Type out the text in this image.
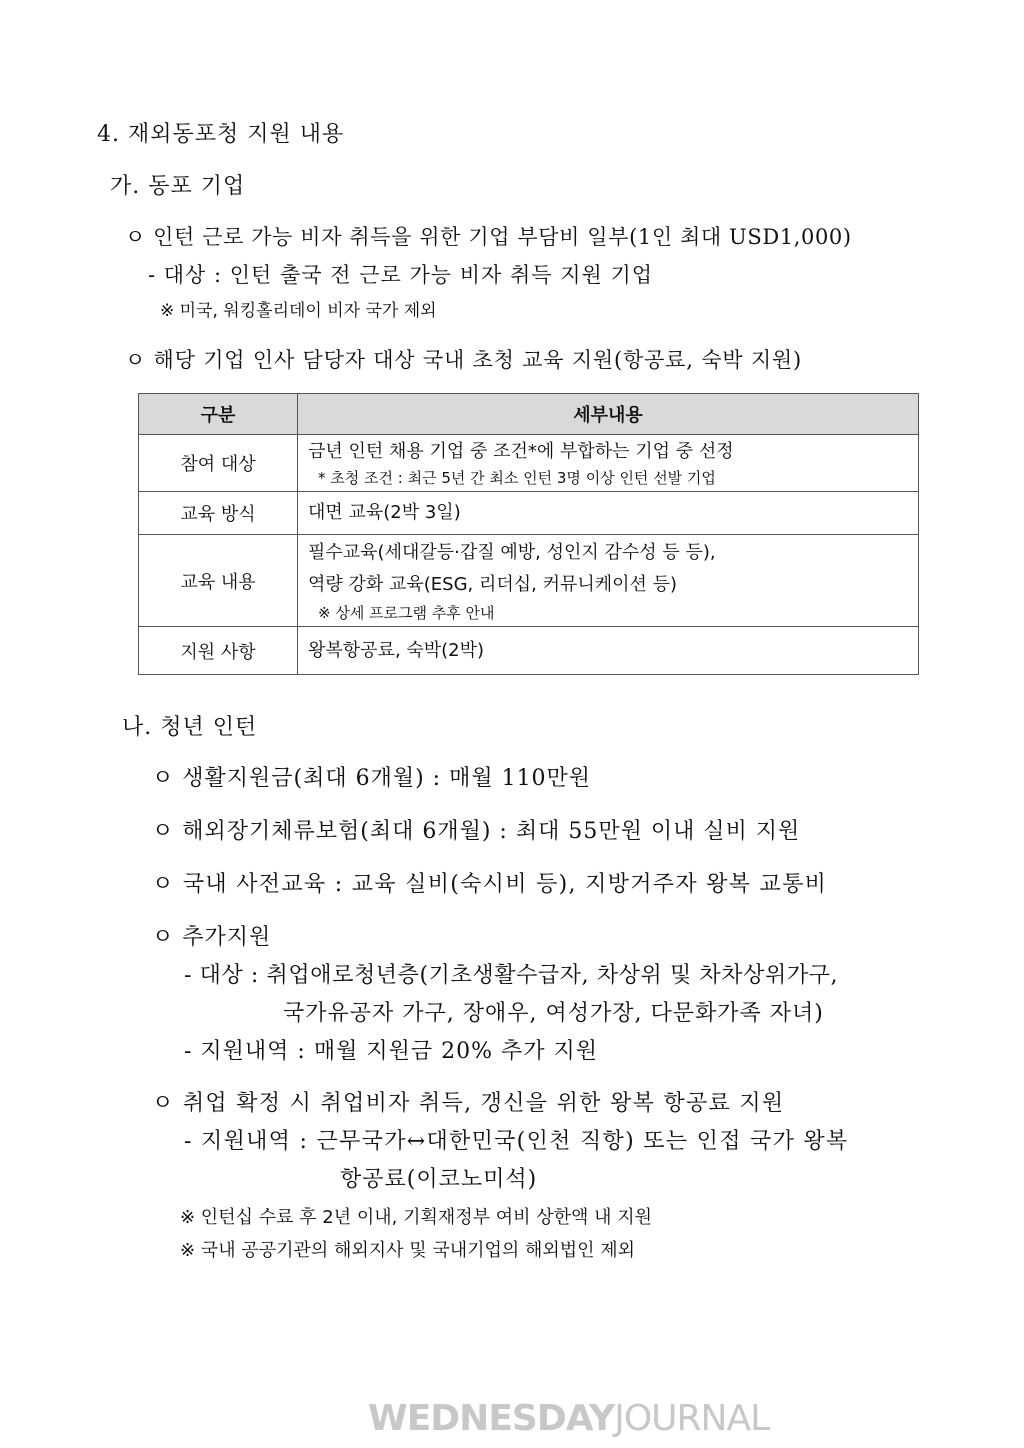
4. 재외동포청 지원 내용
가. 동포 기업
ㅇ 인턴 근로 가능 비자 취득을 위한 기업 부담비 일부(1인 최대 USD1,000)
- 대상 : 인턴 출국 전 근로 가능 비자 취득 지원 기업
※ 미국, 워킹홀리데이 비자 국가 제외
ㅇ 해당 기업 인사 담당자 대상 국내 초청 교육 지원(항공료, 숙박 지원)
구분	세부내용
참여 대상	금년 인턴 채용 기업 중 조건*에 부합하는 기업 중 선정
* 초청 조건 : 최근 5년 간 최소 인턴 3명 이상 인턴 선발 기업

교육 방식	대면 교육(2박 3일)

교육 내용	필수교육(세대갈등·갑질 예방, 성인지 감수성 등 등),
역량 강화 교육(ESG, 리더십, 커뮤니케이션 등)
※ 상세 프로그램 추후 안내

지원 사항	왕복항공료, 숙박(2박)
나. 청년 인턴
ㅇ 생활지원금(최대 6개월) : 매월 110만원
ㅇ 해외장기체류보험(최대 6개월) : 최대 55만원 이내 실비 지원
ㅇ 국내 사전교육 : 교육 실비(숙시비 등), 지방거주자 왕복 교통비
ㅇ 추가지원
- 대상 : 취업애로청년층(기초생활수급자, 차상위 및 차차상위가구,
국가유공자 가구, 장애우, 여성가장, 다문화가족 자녀)
- 지원내역 : 매월 지원금 20% 추가 지원
ㅇ 취업 확정 시 취업비자 취득, 갱신을 위한 왕복 항공료 지원
- 지원내역 : 근무국가↔대한민국(인천 직항) 또는 인접 국가 왕복
항공료(이코노미석)
※ 인턴십 수료 후 2년 이내, 기획재정부 여비 상한액 내 지원
※ 국내 공공기관의 해외지사 및 국내기업의 해외법인 제외
WEDNESDAYJOURNAL
